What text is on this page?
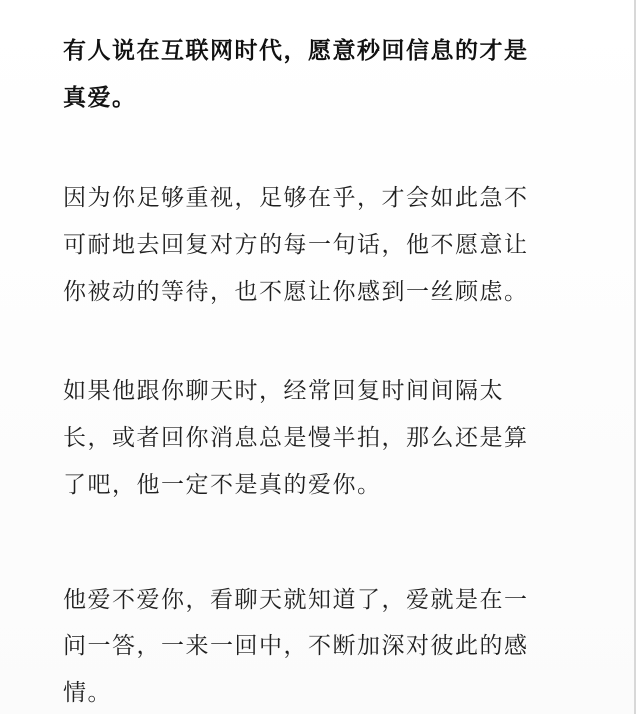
有人说在互联网时代，愿意秒回信息的才是
真爱。
因为你足够重视，足够在乎，才会如此急不
可耐地去回复对方的每一句话，他不愿意让
你被动的等待，也不愿让你感到一丝顾虑。
如果他跟你聊天时，经常回复时间间隔太
长，或者回你消息总是慢半拍，那么还是算
了吧，他一定不是真的爱你。
他爱不爱你，看聊天就知道了，爱就是在一
问一答，一来一回中，不断加深对彼此的感
情。
